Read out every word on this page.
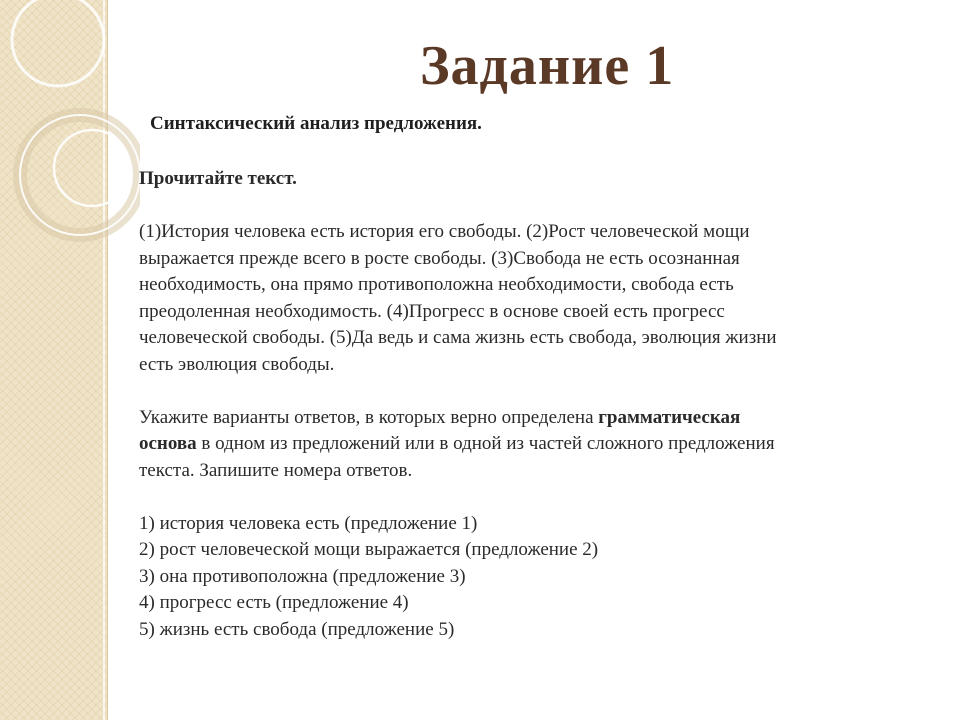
Задание 1
Синтаксический анализ предложения.

Прочитайте текст.

(1)История человека есть история его свободы. (2)Рост человеческой мощи
выражается прежде всего в росте свободы. (3)Свобода не есть осознанная
необходимость, она прямо противоположна необходимости, свобода есть
преодоленная необходимость. (4)Прогресс в основе своей есть прогресс
человеческой свободы. (5)Да ведь и сама жизнь есть свобода, эволюция жизни
есть эволюция свободы.

Укажите варианты ответов, в которых верно определена грамматическая
основа в одном из предложений или в одной из частей сложного предложения
текста. Запишите номера ответов.

1) история человека есть (предложение 1)
2) рост человеческой мощи выражается (предложение 2)
3) она противоположна (предложение 3)
4) прогресс есть (предложение 4)
5) жизнь есть свобода (предложение 5)
